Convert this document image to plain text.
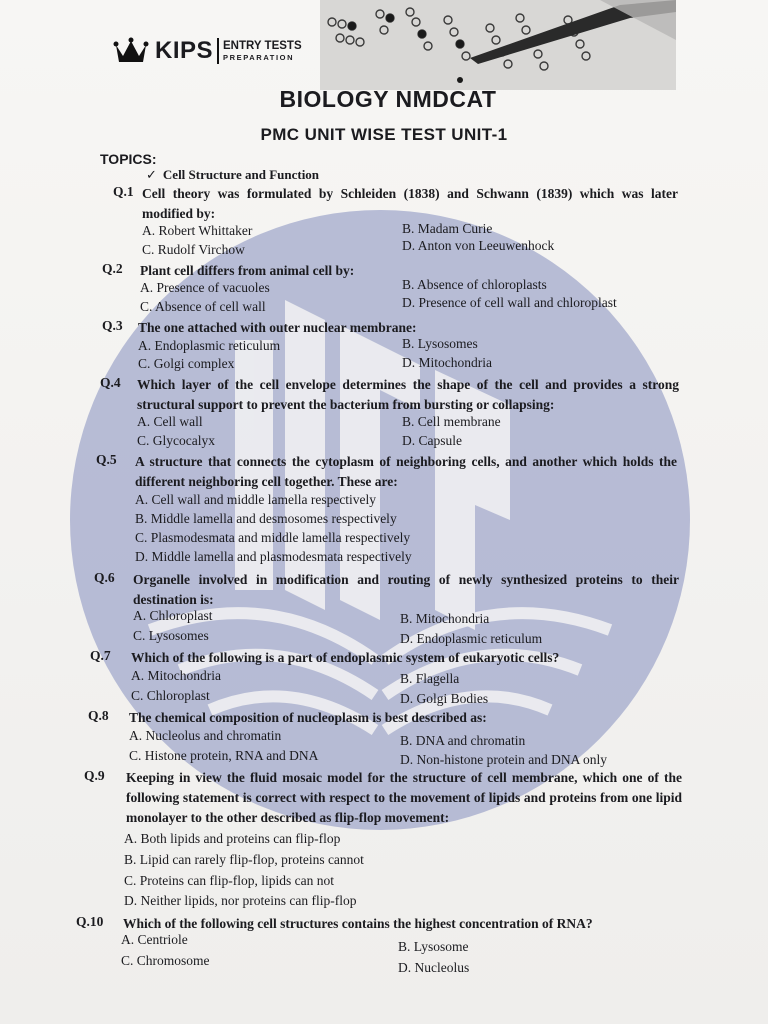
KIPS ENTRY TESTS
PREPARATION
BIOLOGY NMDCAT
PMC UNIT WISE TEST UNIT-1
TOPICS:
✓ Cell Structure and Function
Q.1 Cell theory was formulated by Schleiden (1838) and Schwann (1839) which was later modified by:
A. Robert Whittaker	B. Madam Curie
C. Rudolf Virchow	D. Anton von Leeuwenhock
Q.2 Plant cell differs from animal cell by:
A. Presence of vacuoles	B. Absence of chloroplasts
C. Absence of cell wall	D. Presence of cell wall and chloroplast
Q.3 The one attached with outer nuclear membrane:
A. Endoplasmic reticulum	B. Lysosomes
C. Golgi complex	D. Mitochondria
Q.4 Which layer of the cell envelope determines the shape of the cell and provides a strong structural support to prevent the bacterium from bursting or collapsing:
A. Cell wall	B. Cell membrane
C. Glycocalyx	D. Capsule
Q.5 A structure that connects the cytoplasm of neighboring cells, and another which holds the different neighboring cell together. These are:
A. Cell wall and middle lamella respectively
B. Middle lamella and desmosomes respectively
C. Plasmodesmata and middle lamella respectively
D. Middle lamella and plasmodesmata respectively
Q.6 Organelle involved in modification and routing of newly synthesized proteins to their destination is:
A. Chloroplast	B. Mitochondria
C. Lysosomes	D. Endoplasmic reticulum
Q.7 Which of the following is a part of endoplasmic system of eukaryotic cells?
A. Mitochondria	B. Flagella
C. Chloroplast	D. Golgi Bodies
Q.8 The chemical composition of nucleoplasm is best described as:
A. Nucleolus and chromatin	B. DNA and chromatin
C. Histone protein, RNA and DNA	D. Non-histone protein and DNA only
Q.9 Keeping in view the fluid mosaic model for the structure of cell membrane, which one of the following statement is correct with respect to the movement of lipids and proteins from one lipid monolayer to the other described as flip-flop movement:
A. Both lipids and proteins can flip-flop
B. Lipid can rarely flip-flop, proteins cannot
C. Proteins can flip-flop, lipids can not
D. Neither lipids, nor proteins can flip-flop
Q.10 Which of the following cell structures contains the highest concentration of RNA?
A. Centriole	B. Lysosome
C. Chromosome	D. Nucleolus
